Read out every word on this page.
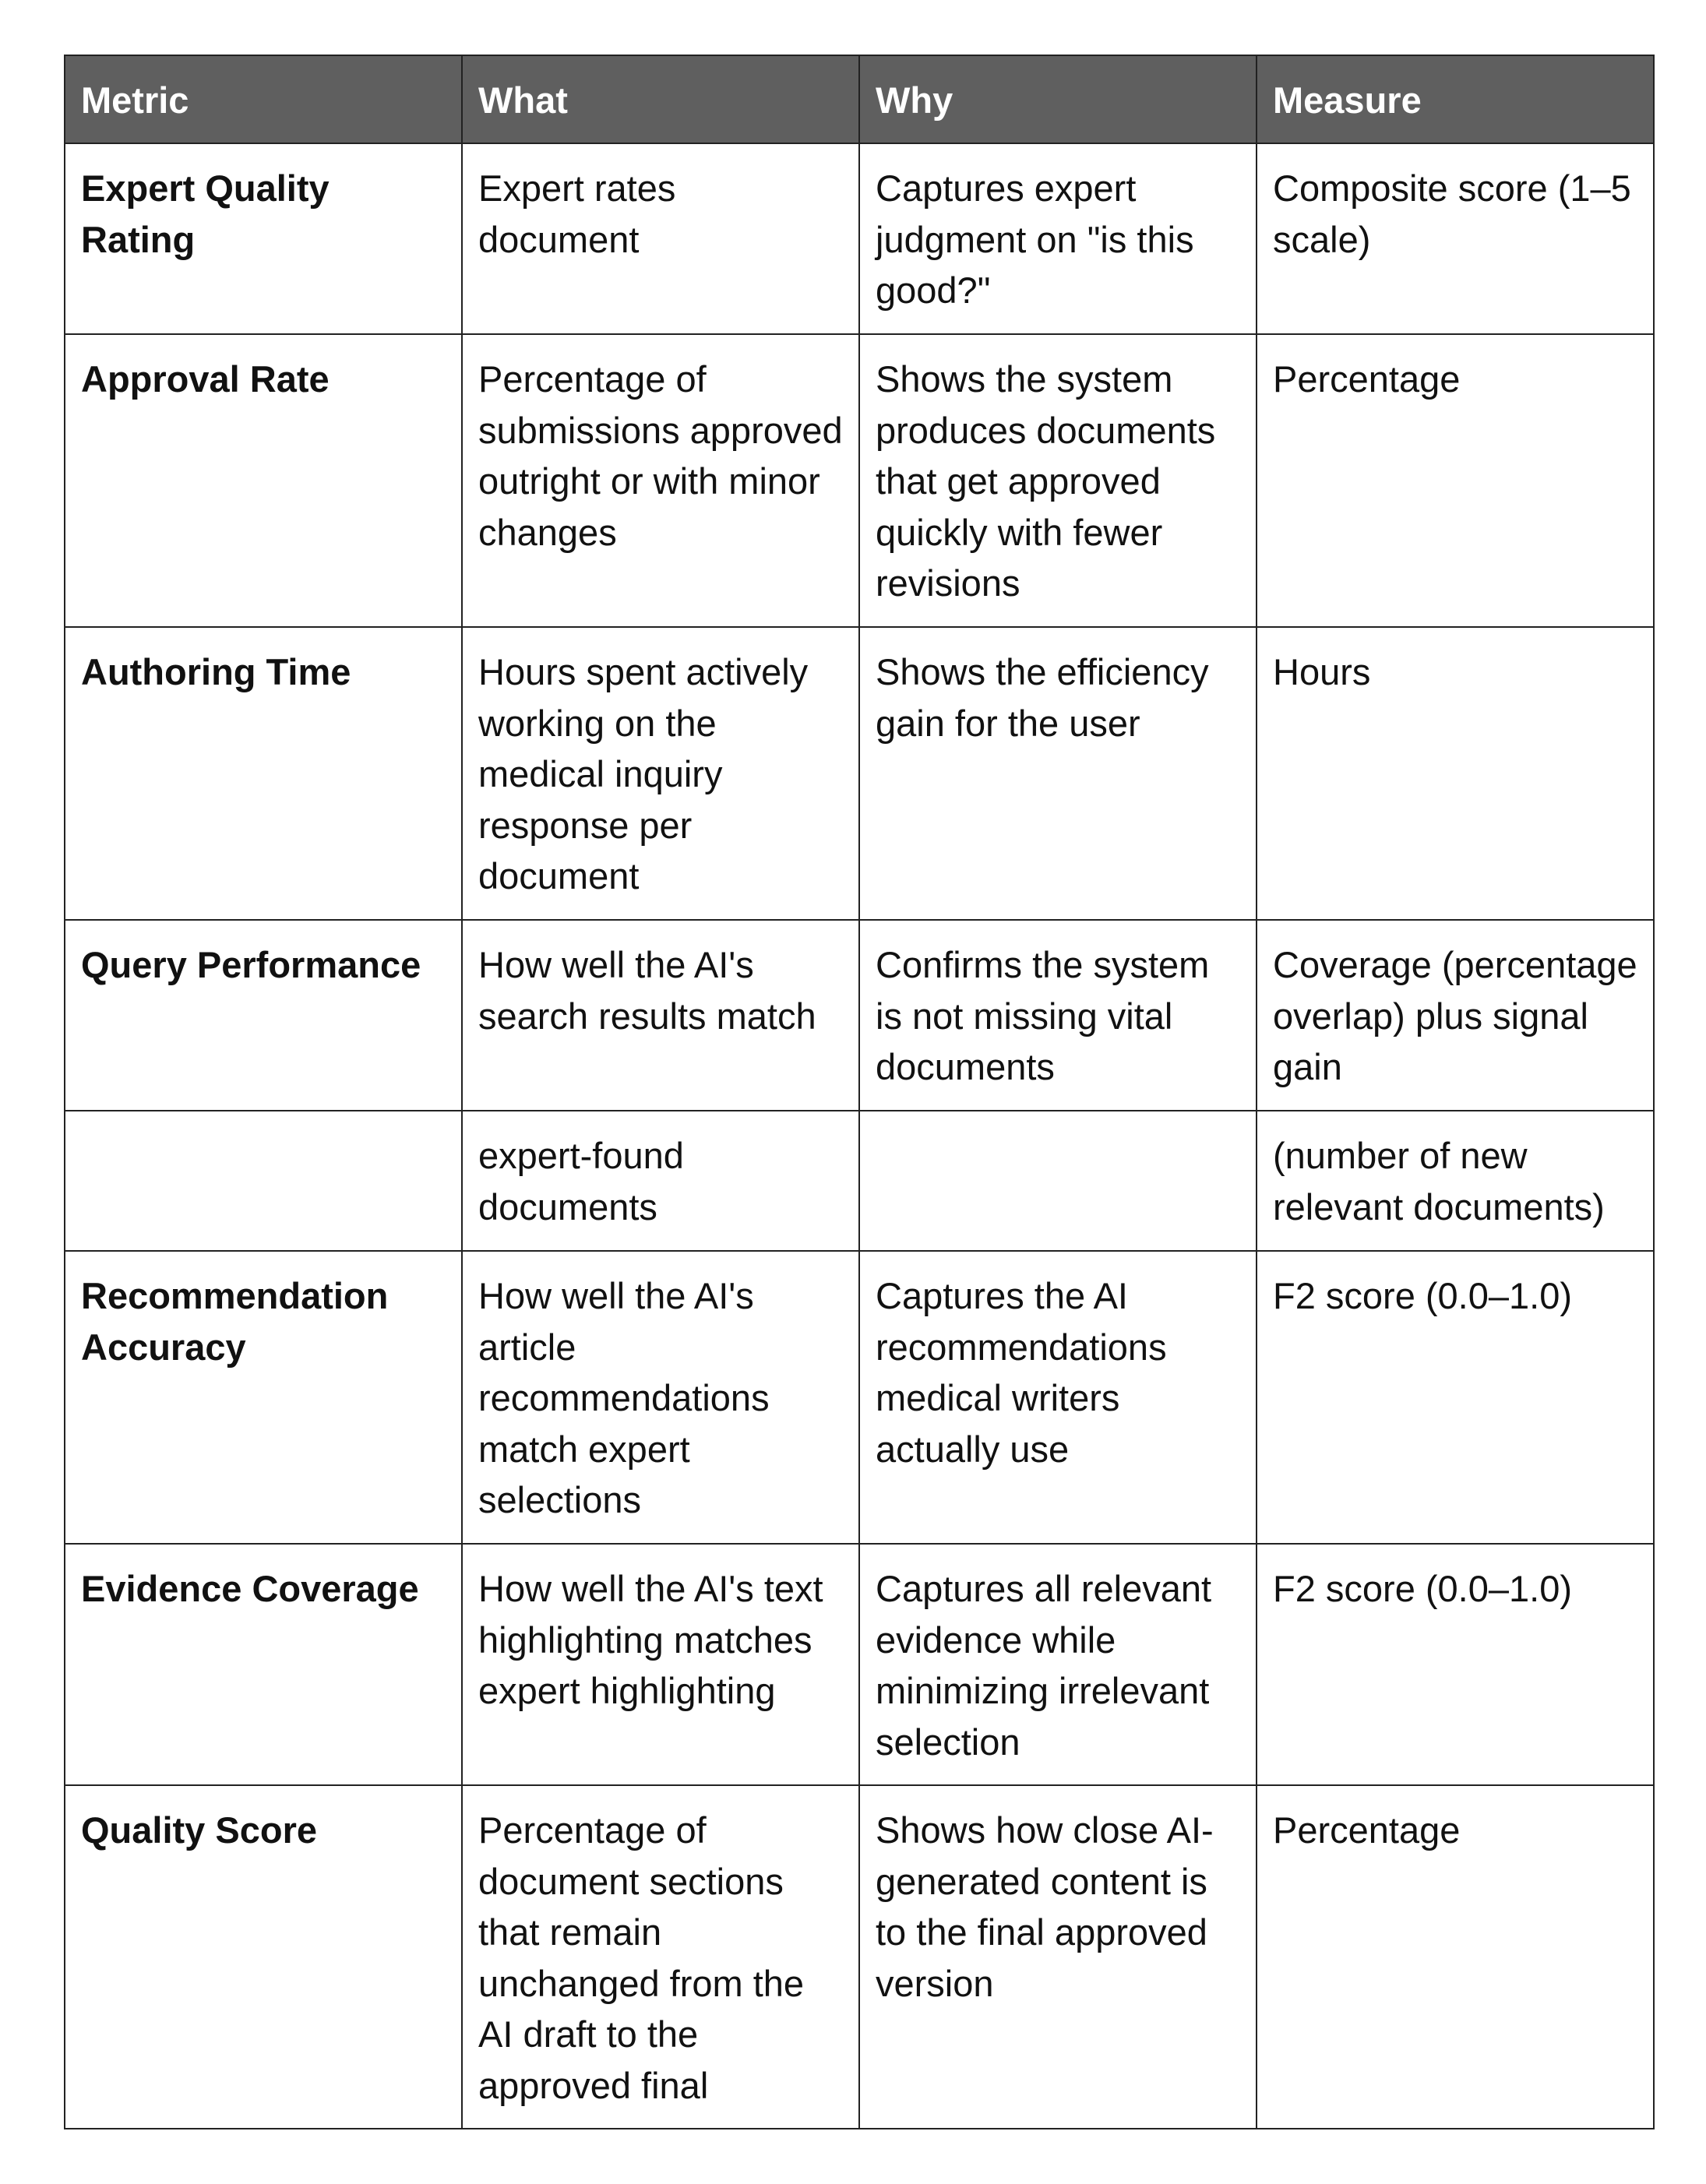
Metric	What	Why	Measure
Expert Quality Rating	Expert rates document	Captures expert judgment on "is this good?"	Composite score (1–5 scale)
Approval Rate	Percentage of submissions approved outright or with minor changes	Shows the system produces documents that get approved quickly with fewer revisions	Percentage
Authoring Time	Hours spent actively working on the medical inquiry response per document	Shows the efficiency gain for the user	Hours
Query Performance	How well the AI's search results match	Confirms the system is not missing vital documents	Coverage (percentage overlap) plus signal gain
	expert-found documents		(number of new relevant documents)
Recommendation Accuracy	How well the AI's article recommendations match expert selections	Captures the AI recommendations medical writers actually use	F2 score (0.0–1.0)
Evidence Coverage	How well the AI's text highlighting matches expert highlighting	Captures all relevant evidence while minimizing irrelevant selection	F2 score (0.0–1.0)
Quality Score	Percentage of document sections that remain unchanged from the AI draft to the approved final	Shows how close AI-generated content is to the final approved version	Percentage
